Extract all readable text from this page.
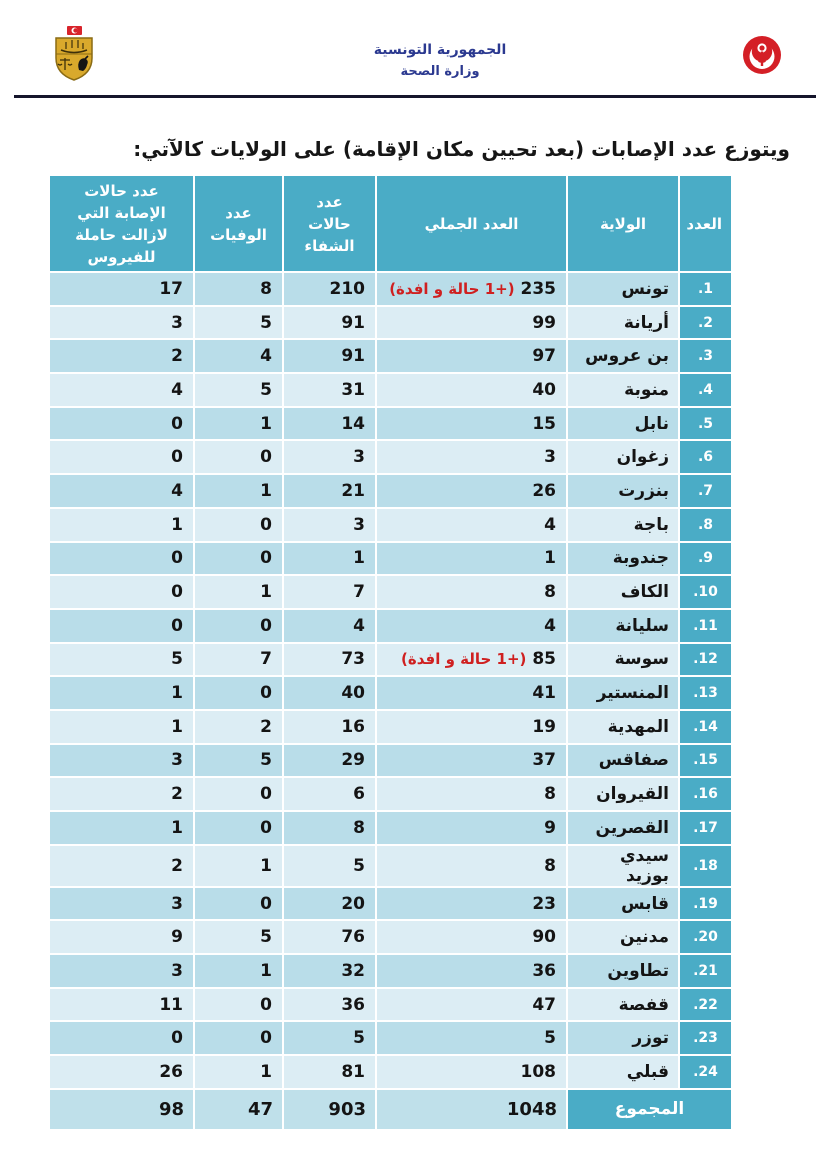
الجمهورية التونسية
وزارة الصحة

ويتوزع عدد الإصابات (بعد تحيين مكان الإقامة) على الولايات كالآتي:

العدد	الولاية	العدد الجملي	عدد حالات الشفاء	عدد الوفيات	عدد حالات الإصابة التي لازالت حاملة للفيروس
1.	تونس	235 (+1 حالة و افدة)	210	8	17
2.	أريانة	99	91	5	3
3.	بن عروس	97	91	4	2
4.	منوبة	40	31	5	4
5.	نابل	15	14	1	0
6.	زغوان	3	3	0	0
7.	بنزرت	26	21	1	4
8.	باجة	4	3	0	1
9.	جندوبة	1	1	0	0
10.	الكاف	8	7	1	0
11.	سليانة	4	4	0	0
12.	سوسة	85 (+1 حالة و افدة)	73	7	5
13.	المنستير	41	40	0	1
14.	المهدية	19	16	2	1
15.	صفاقس	37	29	5	3
16.	القيروان	8	6	0	2
17.	القصرين	9	8	0	1
18.	سيدي بوزيد	8	5	1	2
19.	قابس	23	20	0	3
20.	مدنين	90	76	5	9
21.	تطاوين	36	32	1	3
22.	قفصة	47	36	0	11
23.	توزر	5	5	0	0
24.	قبلي	108	81	1	26
المجموع		1048	903	47	98
